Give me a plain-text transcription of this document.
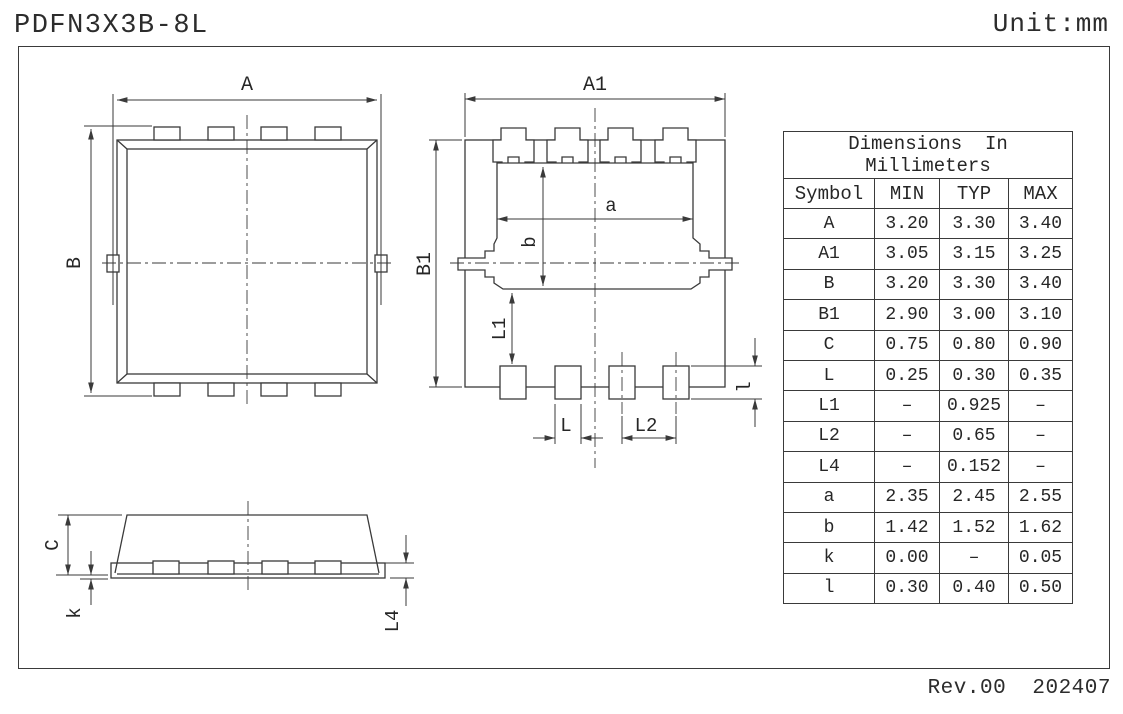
PDFN3X3B-8L	Unit:mm
A
B
A1
B1
a
b
L1
L	L2
l
C
k	L4
Dimensions  In
Millimeters			

Symbol	MIN	TYP	MAX
A	3.20	3.30	3.40
A1	3.05	3.15	3.25
B	3.20	3.30	3.40
B1	2.90	3.00	3.10
C	0.75	0.80	0.90
L	0.25	0.30	0.35
L1	–	0.925	–
L2	–	0.65	–
L4	–	0.152	–
a	2.35	2.45	2.55
b	1.42	1.52	1.62
k	0.00	–	0.05
l	0.30	0.40	0.50
Rev.00  202407
